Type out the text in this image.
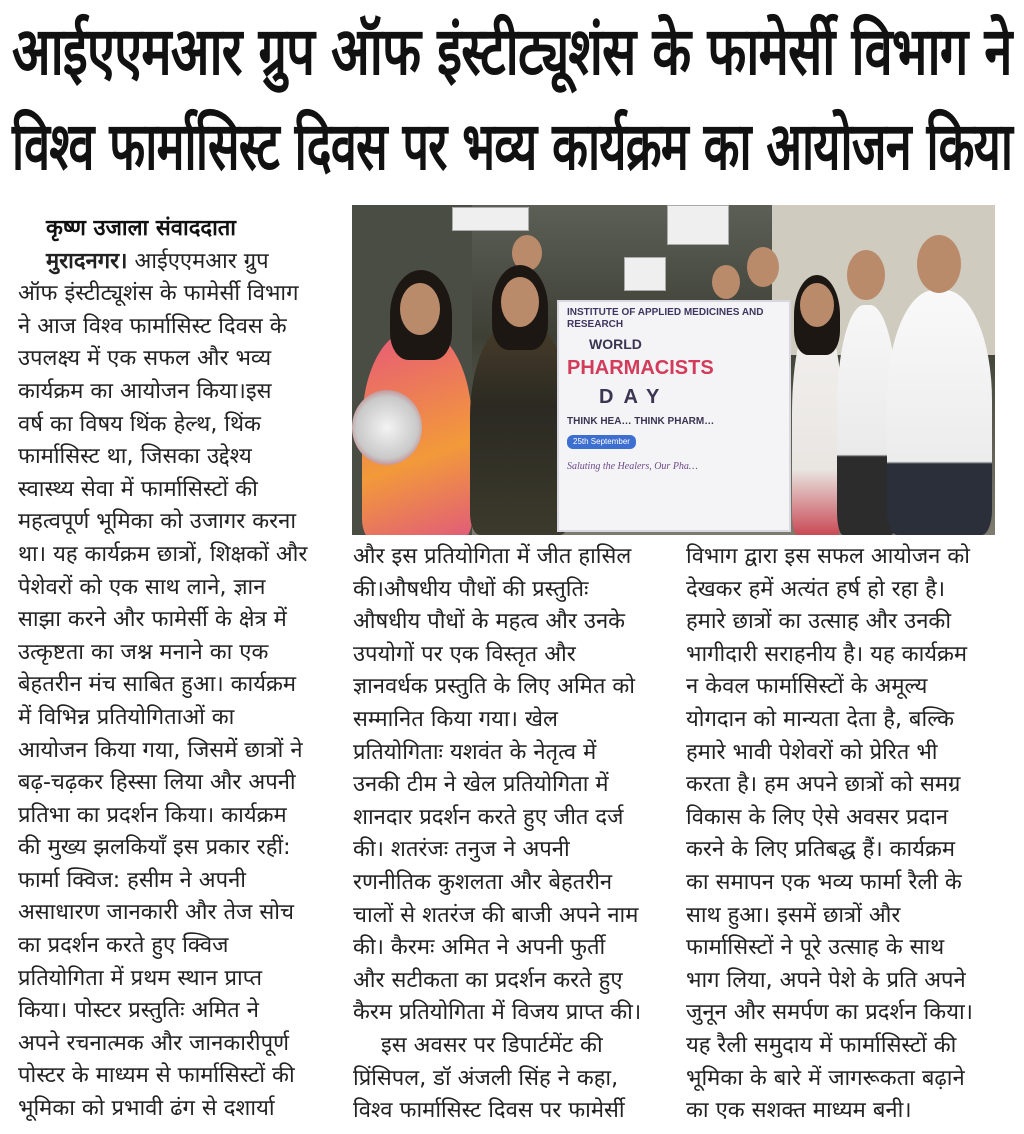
आईएएमआर ग्रुप ऑफ इंस्टीट्यूशंस के फामेर्सी विभाग ने
विश्व फार्मासिस्ट दिवस पर भव्य कार्यक्रम का आयोजन किया
INSTITUTE OF APPLIED MEDICINES AND RESEARCH
WORLD
PHARMACISTS
DAY
THINK HEA… THINK PHARM…
25th September
Saluting the Healers, Our Pha…
कृष्ण उजाला संवाददाता
मुरादनगर। आईएएमआर ग्रुप
ऑफ इंस्टीट्यूशंस के फामेर्सी विभाग
ने आज विश्व फार्मासिस्ट दिवस के
उपलक्ष्य में एक सफल और भव्य
कार्यक्रम का आयोजन किया।इस
वर्ष का विषय थिंक हेल्थ, थिंक
फार्मासिस्ट था, जिसका उद्देश्य
स्वास्थ्य सेवा में फार्मासिस्टों की
महत्वपूर्ण भूमिका को उजागर करना
था। यह कार्यक्रम छात्रों, शिक्षकों और
पेशेवरों को एक साथ लाने, ज्ञान
साझा करने और फामेर्सी के क्षेत्र में
उत्कृष्टता का जश्न मनाने का एक
बेहतरीन मंच साबित हुआ। कार्यक्रम
में विभिन्न प्रतियोगिताओं का
आयोजन किया गया, जिसमें छात्रों ने
बढ़-चढ़कर हिस्सा लिया और अपनी
प्रतिभा का प्रदर्शन किया। कार्यक्रम
की मुख्य झलकियाँ इस प्रकार रहीं:
फार्मा क्विज: हसीम ने अपनी
असाधारण जानकारी और तेज सोच
का प्रदर्शन करते हुए क्विज
प्रतियोगिता में प्रथम स्थान प्राप्त
किया। पोस्टर प्रस्तुतिः अमित ने
अपने रचनात्मक और जानकारीपूर्ण
पोस्टर के माध्यम से फार्मासिस्टों की
भूमिका को प्रभावी ढंग से दशार्या
और इस प्रतियोगिता में जीत हासिल
की।औषधीय पौधों की प्रस्तुतिः
औषधीय पौधों के महत्व और उनके
उपयोगों पर एक विस्तृत और
ज्ञानवर्धक प्रस्तुति के लिए अमित को
सम्मानित किया गया। खेल
प्रतियोगिताः यशवंत के नेतृत्व में
उनकी टीम ने खेल प्रतियोगिता में
शानदार प्रदर्शन करते हुए जीत दर्ज
की। शतरंजः तनुज ने अपनी
रणनीतिक कुशलता और बेहतरीन
चालों से शतरंज की बाजी अपने नाम
की। कैरमः अमित ने अपनी फुर्ती
और सटीकता का प्रदर्शन करते हुए
कैरम प्रतियोगिता में विजय प्राप्त की।
इस अवसर पर डिपार्टमेंट की
प्रिंसिपल, डॉ अंजली सिंह ने कहा,
विश्व फार्मासिस्ट दिवस पर फामेर्सी
विभाग द्वारा इस सफल आयोजन को
देखकर हमें अत्यंत हर्ष हो रहा है।
हमारे छात्रों का उत्साह और उनकी
भागीदारी सराहनीय है। यह कार्यक्रम
न केवल फार्मासिस्टों के अमूल्य
योगदान को मान्यता देता है, बल्कि
हमारे भावी पेशेवरों को प्रेरित भी
करता है। हम अपने छात्रों को समग्र
विकास के लिए ऐसे अवसर प्रदान
करने के लिए प्रतिबद्ध हैं। कार्यक्रम
का समापन एक भव्य फार्मा रैली के
साथ हुआ। इसमें छात्रों और
फार्मासिस्टों ने पूरे उत्साह के साथ
भाग लिया, अपने पेशे के प्रति अपने
जुनून और समर्पण का प्रदर्शन किया।
यह रैली समुदाय में फार्मासिस्टों की
भूमिका के बारे में जागरूकता बढ़ाने
का एक सशक्त माध्यम बनी।
